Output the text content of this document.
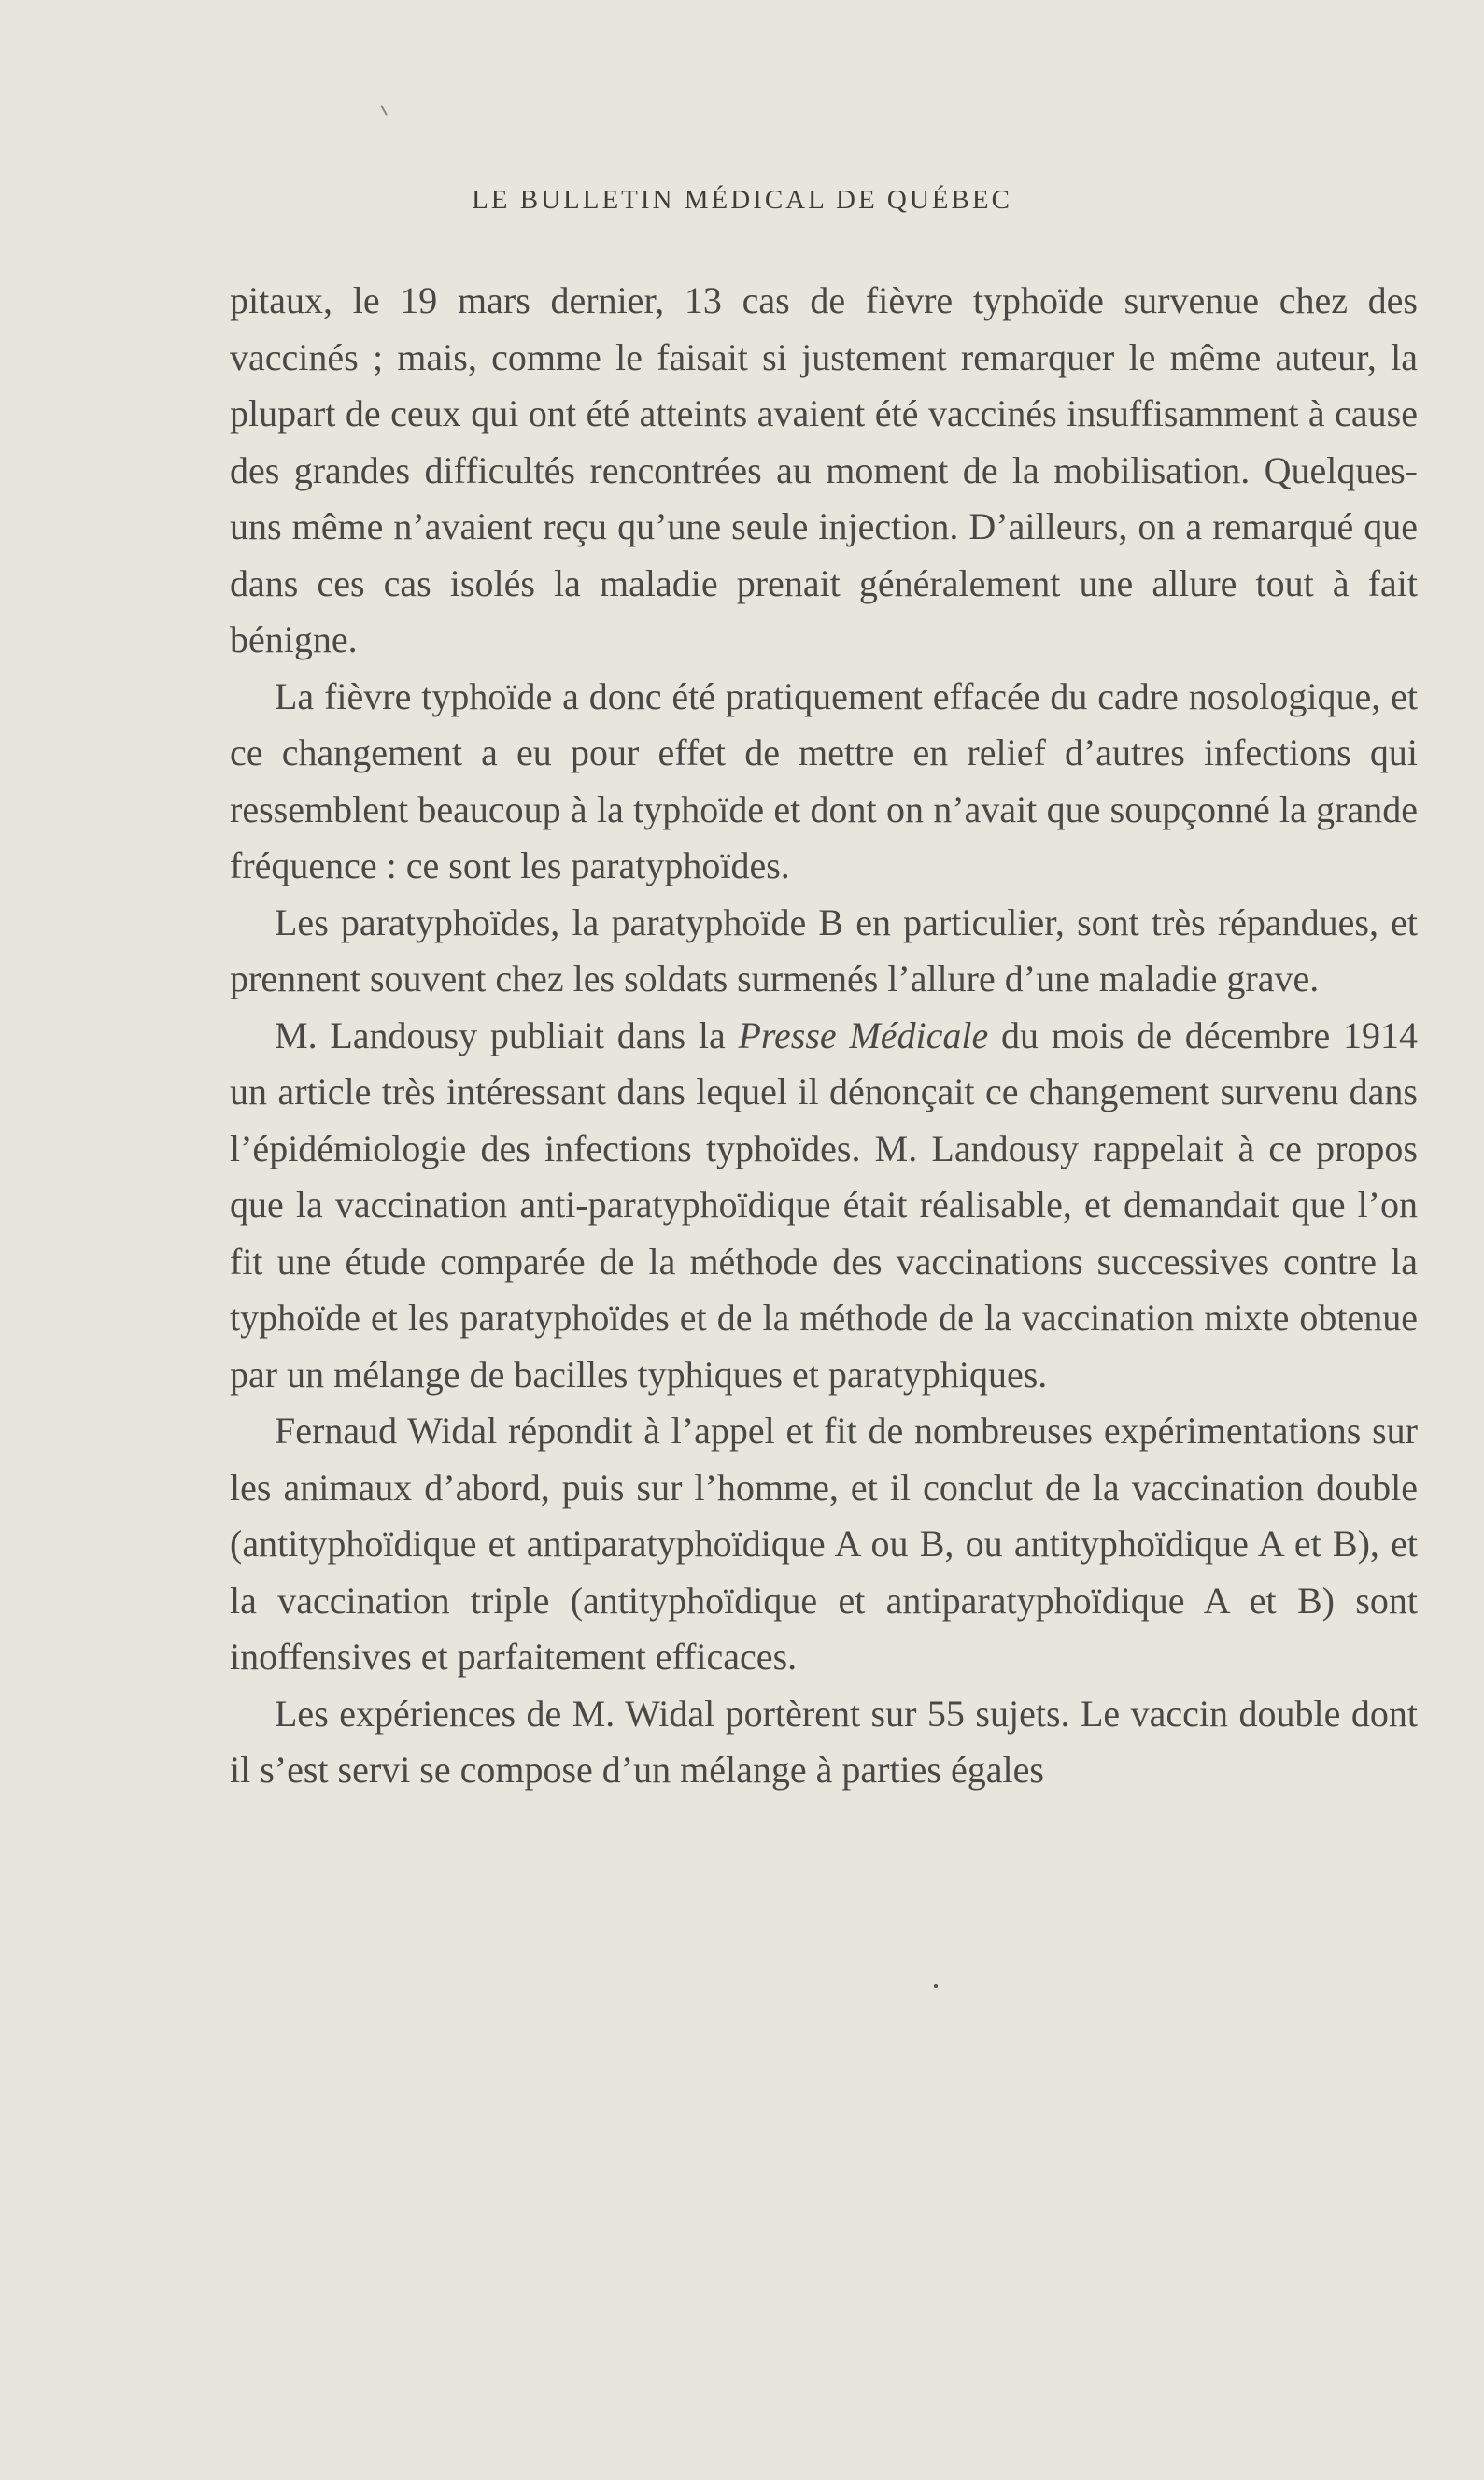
LE BULLETIN MÉDICAL DE QUÉBEC

pitaux, le 19 mars dernier, 13 cas de fièvre typhoïde survenue chez des vaccinés ; mais, comme le faisait si justement remarquer le même auteur, la plupart de ceux qui ont été atteints avaient été vaccinés insuffisamment à cause des grandes difficultés rencontrées au moment de la mobilisation. Quelques-uns même n’avaient reçu qu’une seule injection. D’ailleurs, on a remarqué que dans ces cas isolés la maladie prenait généralement une allure tout à fait bénigne.

La fièvre typhoïde a donc été pratiquement effacée du cadre nosologique, et ce changement a eu pour effet de mettre en relief d’autres infections qui ressemblent beaucoup à la typhoïde et dont on n’avait que soupçonné la grande fréquence : ce sont les paratyphoïdes.

Les paratyphoïdes, la paratyphoïde B en particulier, sont très répandues, et prennent souvent chez les soldats surmenés l’allure d’une maladie grave.

M. Landousy publiait dans la Presse Médicale du mois de décembre 1914 un article très intéressant dans lequel il dénonçait ce changement survenu dans l’épidémiologie des infections typhoïdes. M. Landousy rappelait à ce propos que la vaccination anti-paratyphoïdique était réalisable, et demandait que l’on fit une étude comparée de la méthode des vaccinations successives contre la typhoïde et les paratyphoïdes et de la méthode de la vaccination mixte obtenue par un mélange de bacilles typhiques et paratyphiques.

Fernaud Widal répondit à l’appel et fit de nombreuses expérimentations sur les animaux d’abord, puis sur l’homme, et il conclut de la vaccination double (antityphoïdique et antiparatyphoïdique A ou B, ou antityphoïdique A et B), et la vaccination triple (antityphoïdique et antiparatyphoïdique A et B) sont inoffensives et parfaitement efficaces.

Les expériences de M. Widal portèrent sur 55 sujets. Le vaccin double dont il s’est servi se compose d’un mélange à parties égales
